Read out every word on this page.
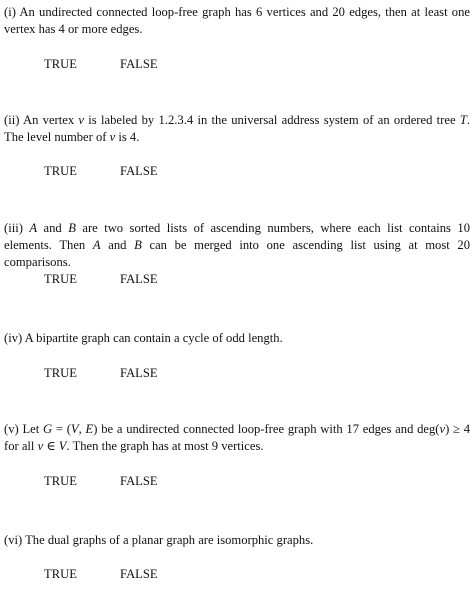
(i) An undirected connected loop-free graph has 6 vertices and 20 edges, then at least one vertex has 4 or more edges.

TRUE	FALSE

(ii) An vertex v is labeled by 1.2.3.4 in the universal address system of an ordered tree T. The level number of v is 4.

TRUE	FALSE

(iii) A and B are two sorted lists of ascending numbers, where each list contains 10 elements. Then A and B can be merged into one ascending list using at most 20 comparisons.

TRUE	FALSE

(iv) A bipartite graph can contain a cycle of odd length.

TRUE	FALSE

(v) Let G = (V, E) be a undirected connected loop-free graph with 17 edges and deg(v) ≥ 4 for all v ∈ V. Then the graph has at most 9 vertices.

TRUE	FALSE

(vi) The dual graphs of a planar graph are isomorphic graphs.

TRUE	FALSE
